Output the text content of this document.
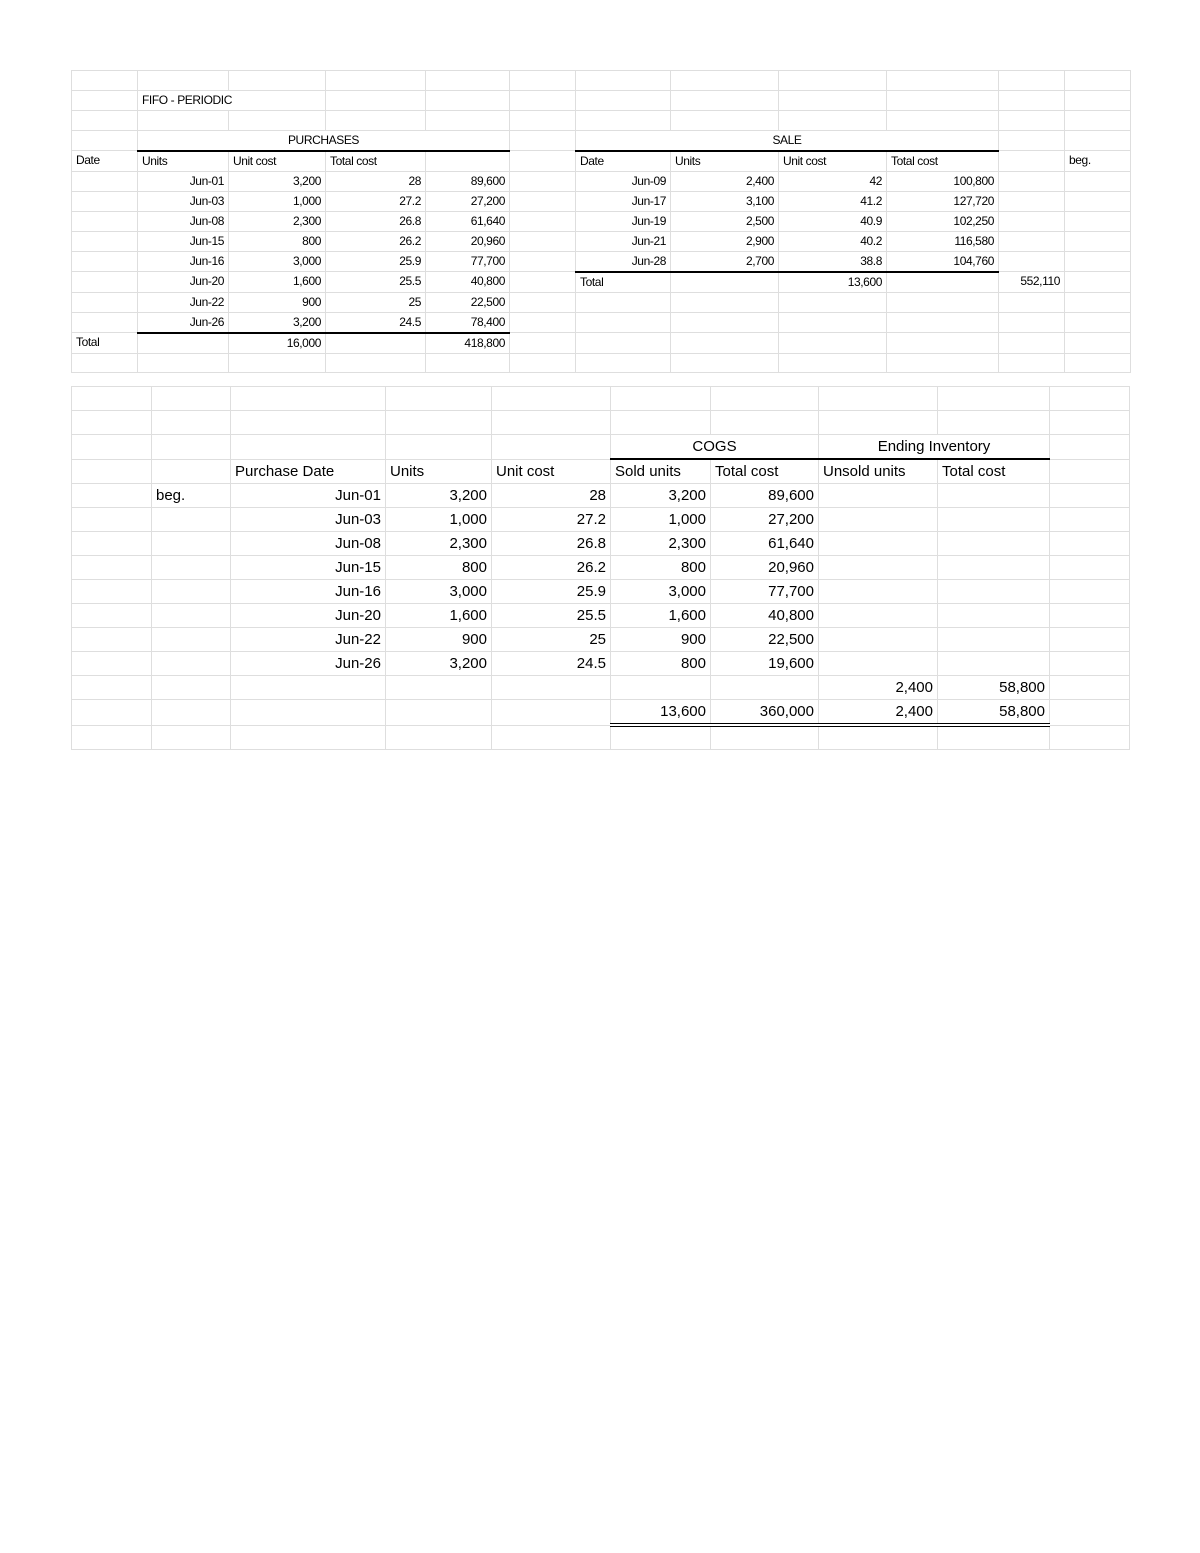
	FIFO - PERIODIC										

	PURCHASES					SALE					
Date	Units	Unit cost	Total cost			Date	Units	Unit cost	Total cost		beg.
	Jun-01	3,200	28	89,600		Jun-09	2,400	42	100,800		
	Jun-03	1,000	27.2	27,200		Jun-17	3,100	41.2	127,720		
	Jun-08	2,300	26.8	61,640		Jun-19	2,500	40.9	102,250		
	Jun-15	800	26.2	20,960		Jun-21	2,900	40.2	116,580		
	Jun-16	3,000	25.9	77,700		Jun-28	2,700	38.8	104,760		
	Jun-20	1,600	25.5	40,800		Total		13,600		552,110	
	Jun-22	900	25	22,500							
	Jun-26	3,200	24.5	78,400							
Total		16,000		418,800							

					COGS		Ending Inventory		
		Purchase Date	Units	Unit cost	Sold units	Total cost	Unsold units	Total cost	
	beg.	Jun-01	3,200	28	3,200	89,600			
		Jun-03	1,000	27.2	1,000	27,200			
		Jun-08	2,300	26.8	2,300	61,640			
		Jun-15	800	26.2	800	20,960			
		Jun-16	3,000	25.9	3,000	77,700			
		Jun-20	1,600	25.5	1,600	40,800			
		Jun-22	900	25	900	22,500			
		Jun-26	3,200	24.5	800	19,600			
							2,400	58,800	
					13,600	360,000	2,400	58,800	
